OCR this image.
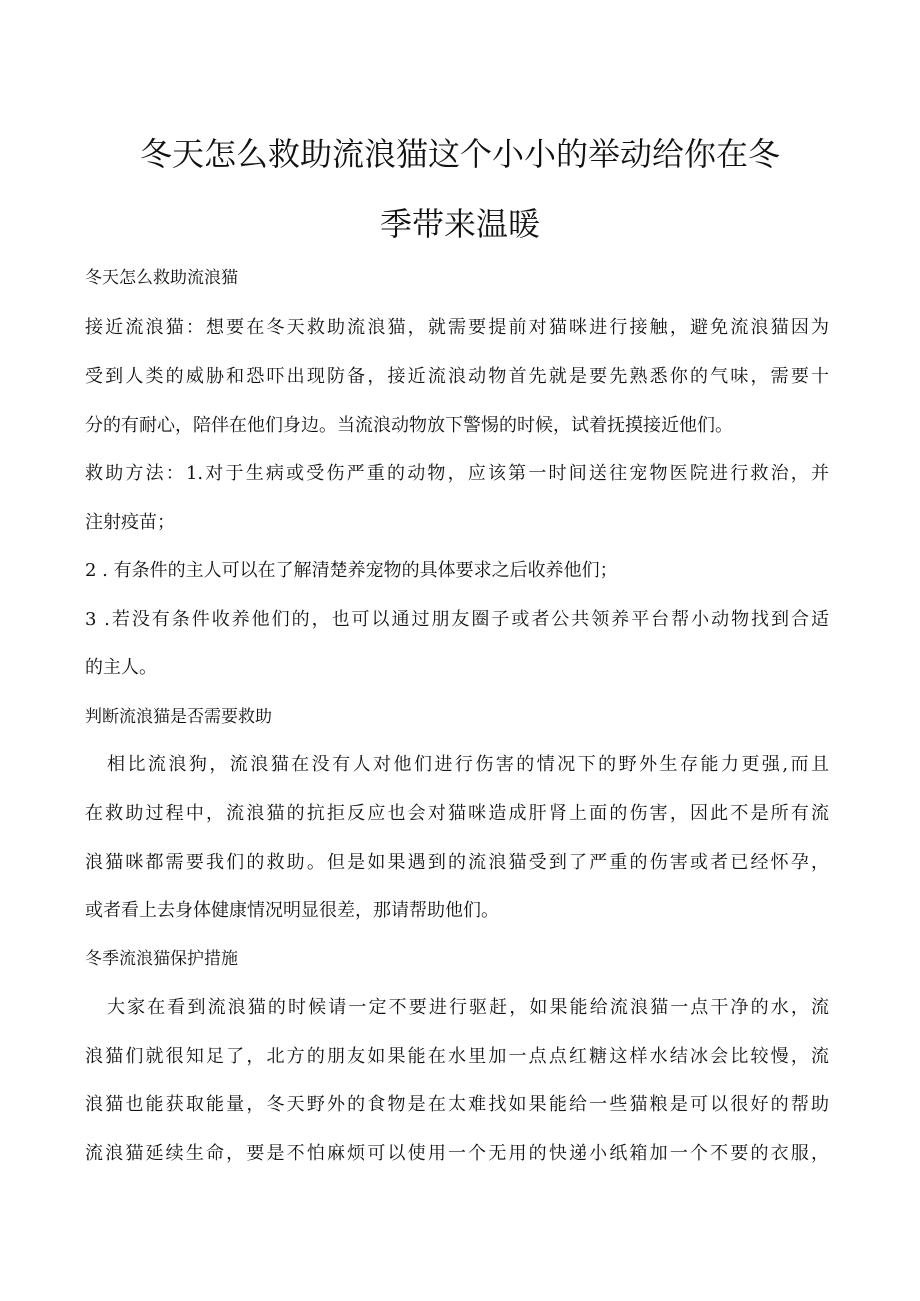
冬天怎么救助流浪猫这个小小的举动给你在冬
季带来温暖

冬天怎么救助流浪猫

接近流浪猫：想要在冬天救助流浪猫，就需要提前对猫咪进行接触，避免流浪猫因为

受到人类的威胁和恐吓出现防备，接近流浪动物首先就是要先熟悉你的气味，需要十

分的有耐心，陪伴在他们身边。当流浪动物放下警惕的时候，试着抚摸接近他们。

救助方法：1.对于生病或受伤严重的动物，应该第一时间送往宠物医院进行救治，并

注射疫苗；

2 . 有条件的主人可以在了解清楚养宠物的具体要求之后收养他们；

3 .若没有条件收养他们的，也可以通过朋友圈子或者公共领养平台帮小动物找到合适

的主人。

判断流浪猫是否需要救助

相比流浪狗，流浪猫在没有人对他们进行伤害的情况下的野外生存能力更强,而且

在救助过程中，流浪猫的抗拒反应也会对猫咪造成肝肾上面的伤害，因此不是所有流

浪猫咪都需要我们的救助。但是如果遇到的流浪猫受到了严重的伤害或者已经怀孕，

或者看上去身体健康情况明显很差，那请帮助他们。

冬季流浪猫保护措施

大家在看到流浪猫的时候请一定不要进行驱赶，如果能给流浪猫一点干净的水，流

浪猫们就很知足了，北方的朋友如果能在水里加一点点红糖这样水结冰会比较慢，流

浪猫也能获取能量，冬天野外的食物是在太难找如果能给一些猫粮是可以很好的帮助

流浪猫延续生命，要是不怕麻烦可以使用一个无用的快递小纸箱加一个不要的衣服，
